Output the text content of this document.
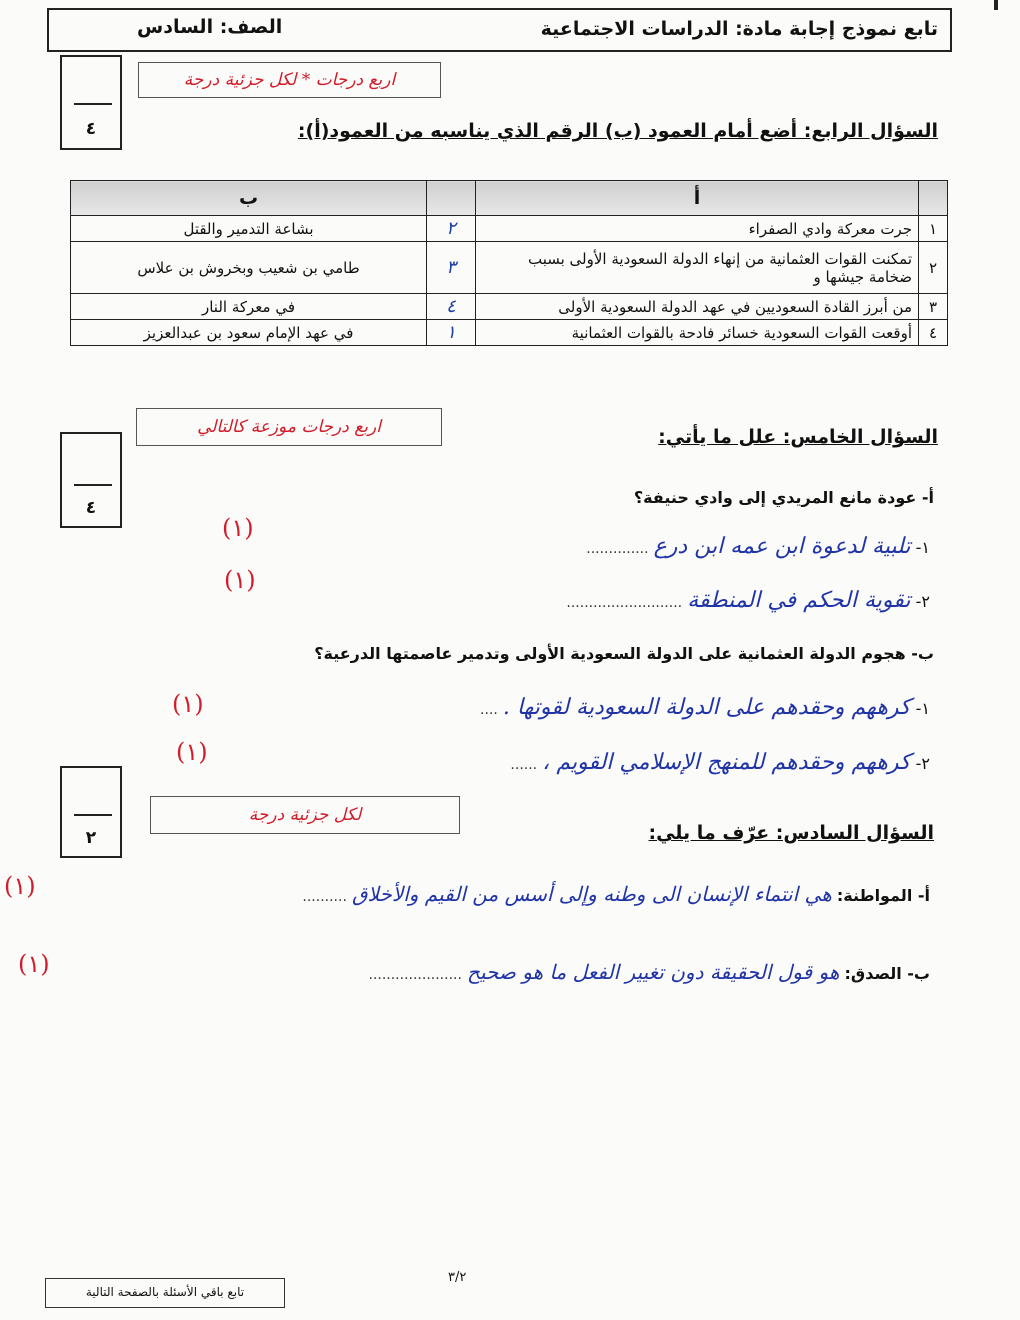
تابع نموذج إجابة مادة: الدراسات الاجتماعية
الصف: السادس
٤
اربع درجات * لكل جزئية درجة
السؤال الرابع: أضع أمام العمود (ب) الرقم الذي يناسبه من العمود(أ):
	أ		ب
١	جرت معركة وادي الصفراء	٢	بشاعة التدمير والقتل
٢	تمكنت القوات العثمانية من إنهاء الدولة السعودية الأولى بسبب ضخامة جيشها و	٣	طامي بن شعيب وبخروش بن علاس
٣	من أبرز القادة السعوديين في عهد الدولة السعودية الأولى	٤	في معركة النار
٤	أوقعت القوات السعودية خسائر فادحة بالقوات العثمانية	١	في عهد الإمام سعود بن عبدالعزيز
٤
اربع درجات موزعة كالتالي	السؤال الخامس: علل ما يأتي:
أ- عودة مانع المريدي إلى وادي حنيفة؟
١- تلبية لدعوة ابن عمه ابن درع ..............
(١)
٢- تقوية الحكم في المنطقة ..........................
(١)
ب- هجوم الدولة العثمانية على الدولة السعودية الأولى وتدمير عاصمتها الدرعية؟
١- كرههم وحقدهم على الدولة السعودية لقوتها . ....
(١)
٢- كرههم وحقدهم للمنهج الإسلامي القويم ، ......
(١)
٢
لكل جزئية درجة
السؤال السادس: عرّف ما يلي:
أ- المواطنة: هي انتماء الإنسان الى وطنه وإلى أسس من القيم والأخلاق ..........
(١)
ب- الصدق: هو قول الحقيقة دون تغيير الفعل ما هو صحيح .....................
(١)
٣/٢
تابع باقي الأسئلة بالصفحة التالية
